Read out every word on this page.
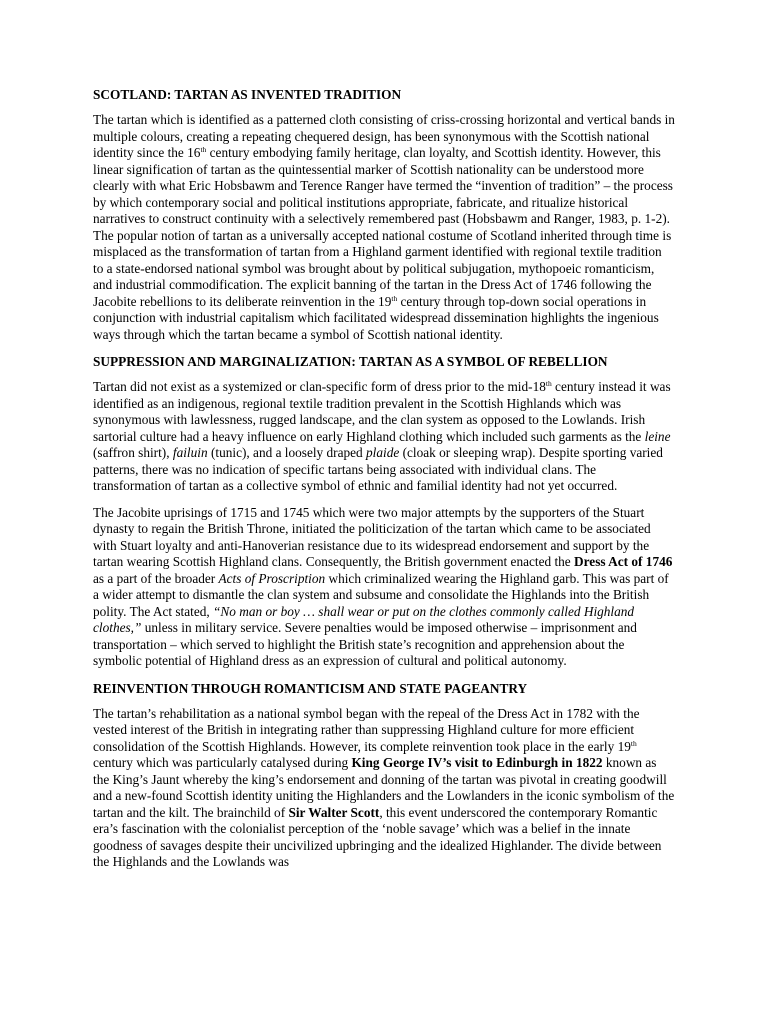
SCOTLAND: TARTAN AS INVENTED TRADITION

The tartan which is identified as a patterned cloth consisting of criss-crossing horizontal and vertical bands in multiple colours, creating a repeating chequered design, has been synonymous with the Scottish national identity since the 16th century embodying family heritage, clan loyalty, and Scottish identity. However, this linear signification of tartan as the quintessential marker of Scottish nationality can be understood more clearly with what Eric Hobsbawm and Terence Ranger have termed the “invention of tradition” – the process by which contemporary social and political institutions appropriate, fabricate, and ritualize historical narratives to construct continuity with a selectively remembered past (Hobsbawm and Ranger, 1983, p. 1-2). The popular notion of tartan as a universally accepted national costume of Scotland inherited through time is misplaced as the transformation of tartan from a Highland garment identified with regional textile tradition to a state-endorsed national symbol was brought about by political subjugation, mythopoeic romanticism, and industrial commodification. The explicit banning of the tartan in the Dress Act of 1746 following the Jacobite rebellions to its deliberate reinvention in the 19th century through top-down social operations in conjunction with industrial capitalism which facilitated widespread dissemination highlights the ingenious ways through which the tartan became a symbol of Scottish national identity.

SUPPRESSION AND MARGINALIZATION: TARTAN AS A SYMBOL OF REBELLION

Tartan did not exist as a systemized or clan-specific form of dress prior to the mid-18th century instead it was identified as an indigenous, regional textile tradition prevalent in the Scottish Highlands which was synonymous with lawlessness, rugged landscape, and the clan system as opposed to the Lowlands. Irish sartorial culture had a heavy influence on early Highland clothing which included such garments as the leine (saffron shirt), failuin (tunic), and a loosely draped plaide (cloak or sleeping wrap). Despite sporting varied patterns, there was no indication of specific tartans being associated with individual clans. The transformation of tartan as a collective symbol of ethnic and familial identity had not yet occurred.

The Jacobite uprisings of 1715 and 1745 which were two major attempts by the supporters of the Stuart dynasty to regain the British Throne, initiated the politicization of the tartan which came to be associated with Stuart loyalty and anti-Hanoverian resistance due to its widespread endorsement and support by the tartan wearing Scottish Highland clans. Consequently, the British government enacted the Dress Act of 1746 as a part of the broader Acts of Proscription which criminalized wearing the Highland garb. This was part of a wider attempt to dismantle the clan system and subsume and consolidate the Highlands into the British polity. The Act stated, “No man or boy … shall wear or put on the clothes commonly called Highland clothes,” unless in military service. Severe penalties would be imposed otherwise – imprisonment and transportation – which served to highlight the British state’s recognition and apprehension about the symbolic potential of Highland dress as an expression of cultural and political autonomy.

REINVENTION THROUGH ROMANTICISM AND STATE PAGEANTRY

The tartan’s rehabilitation as a national symbol began with the repeal of the Dress Act in 1782 with the vested interest of the British in integrating rather than suppressing Highland culture for more efficient consolidation of the Scottish Highlands. However, its complete reinvention took place in the early 19th century which was particularly catalysed during King George IV’s visit to Edinburgh in 1822 known as the King’s Jaunt whereby the king’s endorsement and donning of the tartan was pivotal in creating goodwill and a new-found Scottish identity uniting the Highlanders and the Lowlanders in the iconic symbolism of the tartan and the kilt. The brainchild of Sir Walter Scott, this event underscored the contemporary Romantic era’s fascination with the colonialist perception of the ‘noble savage’ which was a belief in the innate goodness of savages despite their uncivilized upbringing and the idealized Highlander. The divide between the Highlands and the Lowlands was
